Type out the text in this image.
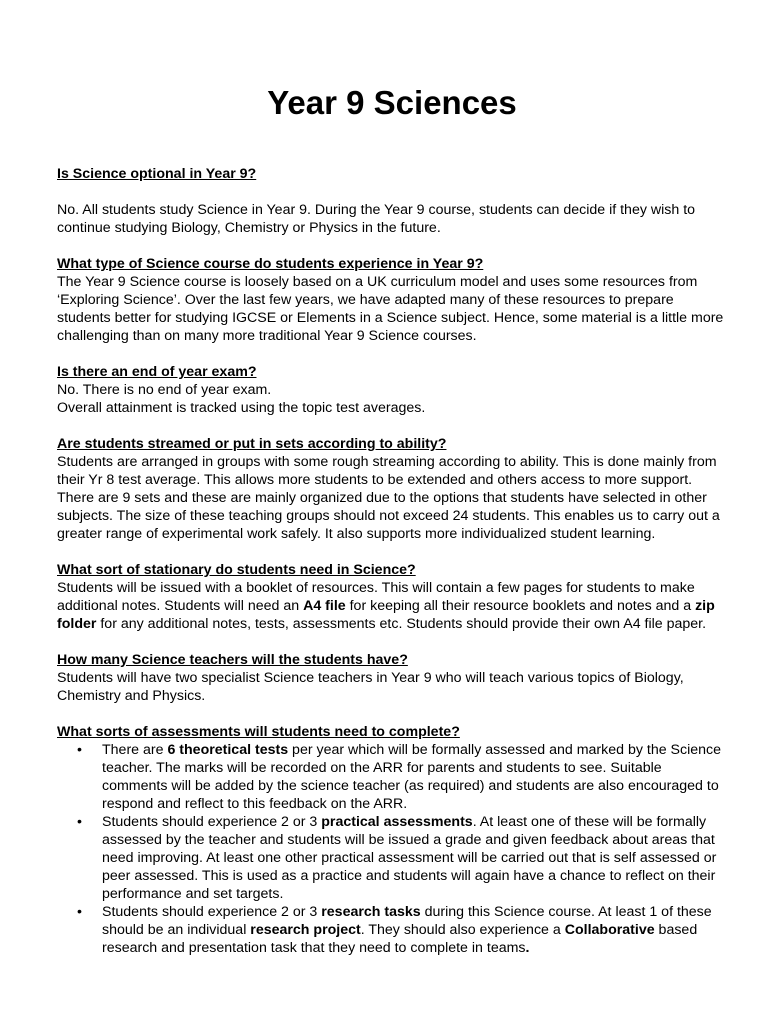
Year 9 Sciences

Is Science optional in Year 9?

No. All students study Science in Year 9. During the Year 9 course, students can decide if they wish to continue studying Biology, Chemistry or Physics in the future.

What type of Science course do students experience in Year 9?

The Year 9 Science course is loosely based on a UK curriculum model and uses some resources from ‘Exploring Science’. Over the last few years, we have adapted many of these resources to prepare students better for studying IGCSE or Elements in a Science subject. Hence, some material is a little more challenging than on many more traditional Year 9 Science courses.

Is there an end of year exam?

No. There is no end of year exam.

Overall attainment is tracked using the topic test averages.

Are students streamed or put in sets according to ability?

Students are arranged in groups with some rough streaming according to ability. This is done mainly from their Yr 8 test average. This allows more students to be extended and others access to more support. There are 9 sets and these are mainly organized due to the options that students have selected in other subjects. The size of these teaching groups should not exceed 24 students. This enables us to carry out a greater range of experimental work safely. It also supports more individualized student learning.

What sort of stationary do students need in Science?

Students will be issued with a booklet of resources. This will contain a few pages for students to make additional notes. Students will need an A4 file for keeping all their resource booklets and notes and a zip folder for any additional notes, tests, assessments etc. Students should provide their own A4 file paper.

How many Science teachers will the students have?

Students will have two specialist Science teachers in Year 9 who will teach various topics of Biology, Chemistry and Physics.

What sorts of assessments will students need to complete?

• There are 6 theoretical tests per year which will be formally assessed and marked by the Science teacher. The marks will be recorded on the ARR for parents and students to see. Suitable comments will be added by the science teacher (as required) and students are also encouraged to respond and reflect to this feedback on the ARR.
• Students should experience 2 or 3 practical assessments. At least one of these will be formally assessed by the teacher and students will be issued a grade and given feedback about areas that need improving. At least one other practical assessment will be carried out that is self assessed or peer assessed. This is used as a practice and students will again have a chance to reflect on their performance and set targets.
• Students should experience 2 or 3 research tasks during this Science course. At least 1 of these should be an individual research project. They should also experience a Collaborative based research and presentation task that they need to complete in teams.
